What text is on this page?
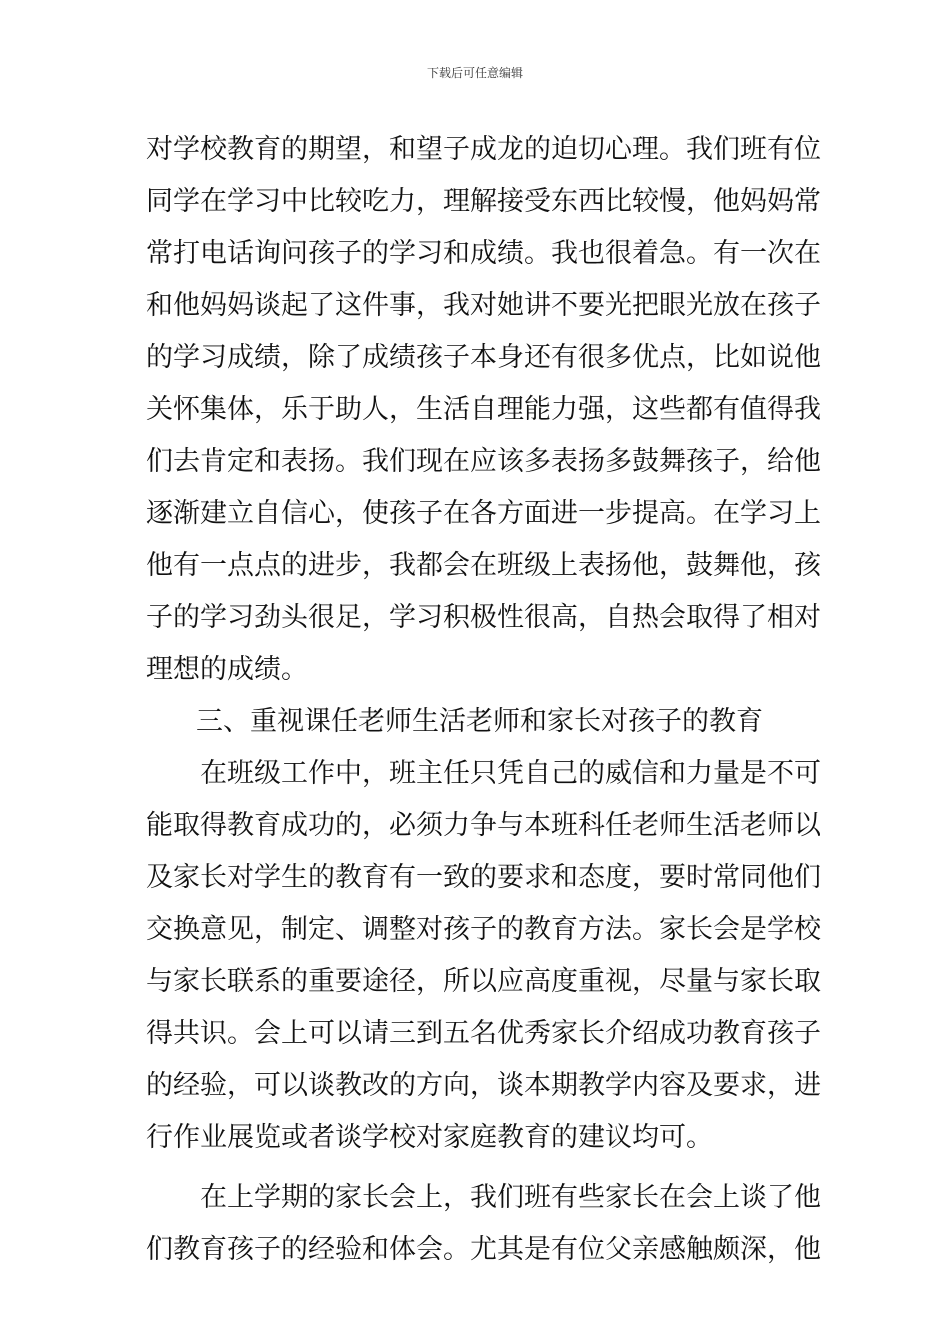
下载后可任意编辑
对学校教育的期望，和望子成龙的迫切心理。我们班有位
同学在学习中比较吃力，理解接受东西比较慢，他妈妈常
常打电话询问孩子的学习和成绩。我也很着急。有一次在
和他妈妈谈起了这件事，我对她讲不要光把眼光放在孩子
的学习成绩，除了成绩孩子本身还有很多优点，比如说他
关怀集体，乐于助人，生活自理能力强，这些都有值得我
们去肯定和表扬。我们现在应该多表扬多鼓舞孩子，给他
逐渐建立自信心，使孩子在各方面进一步提高。在学习上
他有一点点的进步，我都会在班级上表扬他，鼓舞他，孩
子的学习劲头很足，学习积极性很高，自热会取得了相对
理想的成绩。
三、重视课任老师生活老师和家长对孩子的教育
在班级工作中，班主任只凭自己的威信和力量是不可
能取得教育成功的，必须力争与本班科任老师生活老师以
及家长对学生的教育有一致的要求和态度，要时常同他们
交换意见，制定、调整对孩子的教育方法。家长会是学校
与家长联系的重要途径，所以应高度重视，尽量与家长取
得共识。会上可以请三到五名优秀家长介绍成功教育孩子
的经验，可以谈教改的方向，谈本期教学内容及要求，进
行作业展览或者谈学校对家庭教育的建议均可。
在上学期的家长会上，我们班有些家长在会上谈了他
们教育孩子的经验和体会。尤其是有位父亲感触颇深，他
